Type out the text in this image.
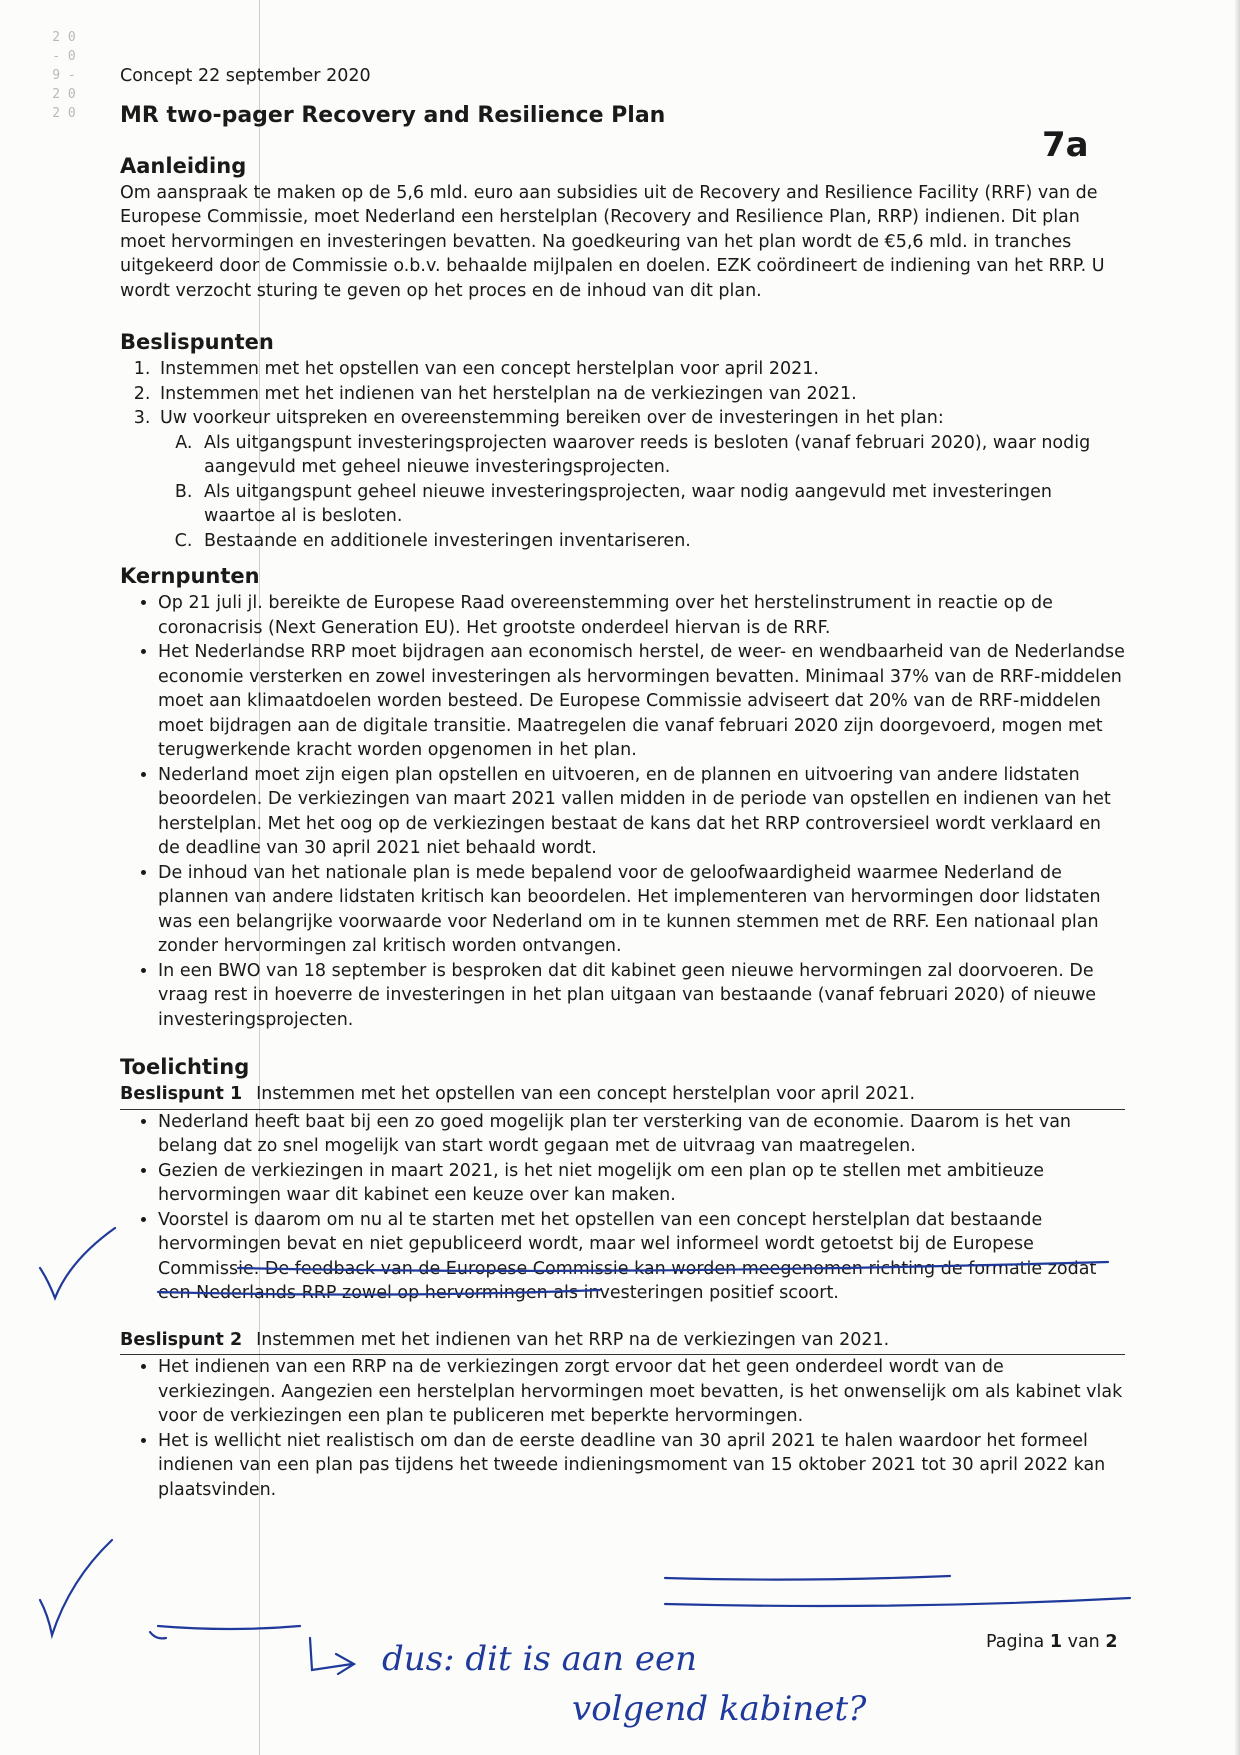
2 0 - 0 9 - 2 0 2 0
7a

Concept 22 september 2020

MR two-pager Recovery and Resilience Plan
Aanleiding

Om aanspraak te maken op de 5,6 mld. euro aan subsidies uit de Recovery and Resilience Facility (RRF) van de Europese Commissie, moet Nederland een herstelplan (Recovery and Resilience Plan, RRP) indienen. Dit plan moet hervormingen en investeringen bevatten. Na goedkeuring van het plan wordt de €5,6 mld. in tranches uitgekeerd door de Commissie o.b.v. behaalde mijlpalen en doelen. EZK coördineert de indiening van het RRP. U wordt verzocht sturing te geven op het proces en de inhoud van dit plan.

Beslispunten
1. Instemmen met het opstellen van een concept herstelplan voor april 2021.
2. Instemmen met het indienen van het herstelplan na de verkiezingen van 2021.
3. Uw voorkeur uitspreken en overeenstemming bereiken over de investeringen in het plan:
A. Als uitgangspunt investeringsprojecten waarover reeds is besloten (vanaf februari 2020), waar nodig aangevuld met geheel nieuwe investeringsprojecten.
B. Als uitgangspunt geheel nieuwe investeringsprojecten, waar nodig aangevuld met investeringen waartoe al is besloten.
C. Bestaande en additionele investeringen inventariseren.
Kernpunten
• Op 21 juli jl. bereikte de Europese Raad overeenstemming over het herstelinstrument in reactie op de coronacrisis (Next Generation EU). Het grootste onderdeel hiervan is de RRF.
• Het Nederlandse RRP moet bijdragen aan economisch herstel, de weer- en wendbaarheid van de Nederlandse economie versterken en zowel investeringen als hervormingen bevatten. Minimaal 37% van de RRF-middelen moet aan klimaatdoelen worden besteed. De Europese Commissie adviseert dat 20% van de RRF-middelen moet bijdragen aan de digitale transitie. Maatregelen die vanaf februari 2020 zijn doorgevoerd, mogen met terugwerkende kracht worden opgenomen in het plan.
• Nederland moet zijn eigen plan opstellen en uitvoeren, en de plannen en uitvoering van andere lidstaten beoordelen. De verkiezingen van maart 2021 vallen midden in de periode van opstellen en indienen van het herstelplan. Met het oog op de verkiezingen bestaat de kans dat het RRP controversieel wordt verklaard en de deadline van 30 april 2021 niet behaald wordt.
• De inhoud van het nationale plan is mede bepalend voor de geloofwaardigheid waarmee Nederland de plannen van andere lidstaten kritisch kan beoordelen. Het implementeren van hervormingen door lidstaten was een belangrijke voorwaarde voor Nederland om in te kunnen stemmen met de RRF. Een nationaal plan zonder hervormingen zal kritisch worden ontvangen.
• In een BWO van 18 september is besproken dat dit kabinet geen nieuwe hervormingen zal doorvoeren. De vraag rest in hoeverre de investeringen in het plan uitgaan van bestaande (vanaf februari 2020) of nieuwe investeringsprojecten.
Toelichting
Beslispunt 1 Instemmen met het opstellen van een concept herstelplan voor april 2021.
• Nederland heeft baat bij een zo goed mogelijk plan ter versterking van de economie. Daarom is het van belang dat zo snel mogelijk van start wordt gegaan met de uitvraag van maatregelen.
• Gezien de verkiezingen in maart 2021, is het niet mogelijk om een plan op te stellen met ambitieuze hervormingen waar dit kabinet een keuze over kan maken.
• Voorstel is daarom om nu al te starten met het opstellen van een concept herstelplan dat bestaande hervormingen bevat en niet gepubliceerd wordt, maar wel informeel wordt getoetst bij de Europese Commissie. De feedback van de Europese Commissie kan worden meegenomen richting de formatie zodat een Nederlands RRP zowel op hervormingen als investeringen positief scoort.
Beslispunt 2 Instemmen met het indienen van het RRP na de verkiezingen van 2021.
• Het indienen van een RRP na de verkiezingen zorgt ervoor dat het geen onderdeel wordt van de verkiezingen. Aangezien een herstelplan hervormingen moet bevatten, is het onwenselijk om als kabinet vlak voor de verkiezingen een plan te publiceren met beperkte hervormingen.
• Het is wellicht niet realistisch om dan de eerste deadline van 30 april 2021 te halen waardoor het formeel indienen van een plan pas tijdens het tweede indieningsmoment van 15 oktober 2021 tot 30 april 2022 kan plaatsvinden.
dus: dit is aan een
volgend kabinet?
Pagina 1 van 2
